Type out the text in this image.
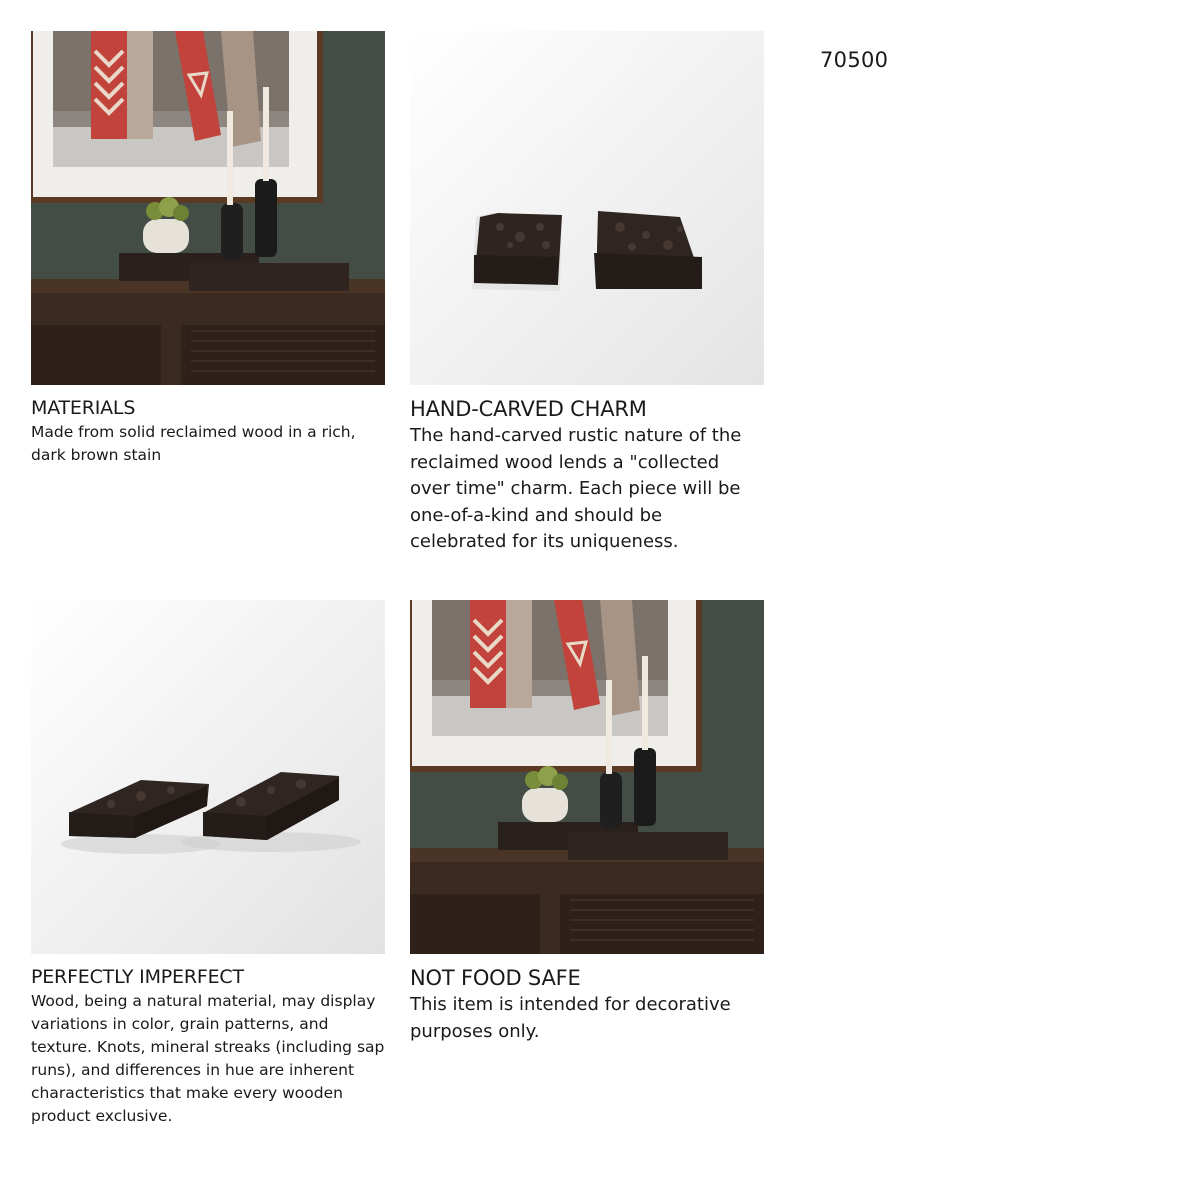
70500
MATERIALS

Made from solid reclaimed wood in a rich, dark brown stain

HAND-CARVED CHARM

The hand-carved rustic nature of the reclaimed wood lends a "collected over time" charm. Each piece will be one-of-a-kind and should be celebrated for its uniqueness.

PERFECTLY IMPERFECT

Wood, being a natural material, may display variations in color, grain patterns, and texture. Knots, mineral streaks (including sap runs), and differences in hue are inherent characteristics that make every wooden product exclusive.

NOT FOOD SAFE

This item is intended for decorative purposes only.
